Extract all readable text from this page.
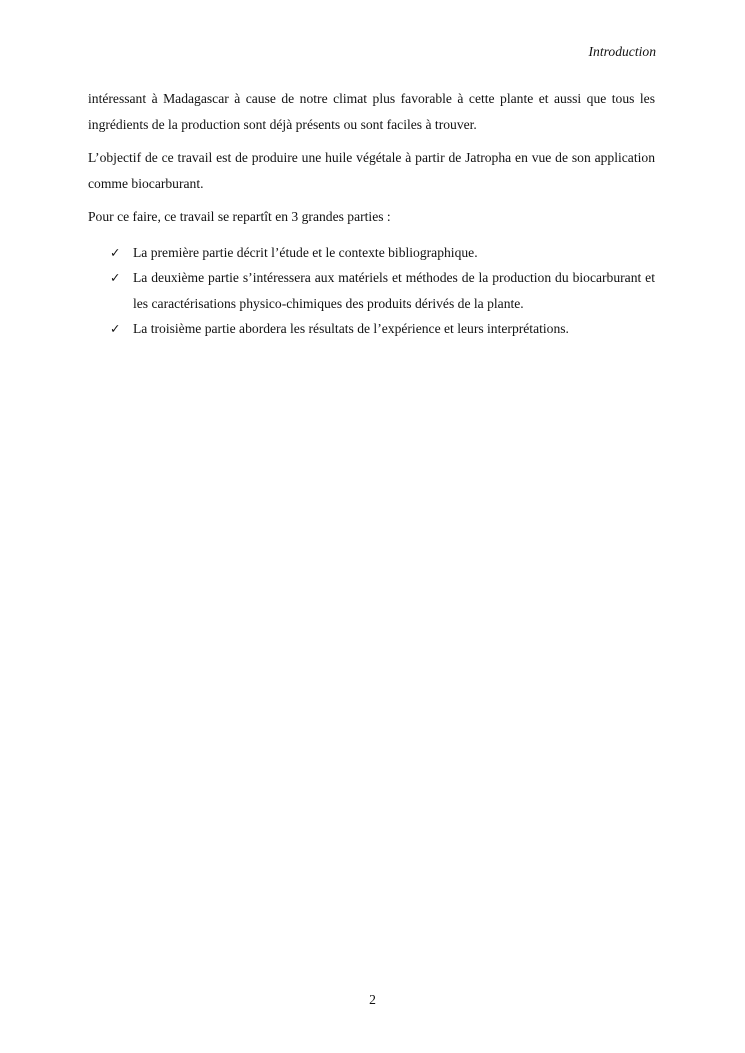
Introduction

intéressant à Madagascar à cause de notre climat plus favorable à cette plante et aussi que tous les ingrédients de la production sont déjà présents ou sont faciles à trouver.

L’objectif de ce travail est de produire une huile végétale à partir de Jatropha en vue de son application comme biocarburant.

Pour ce faire, ce travail se repartît en 3 grandes parties :

✓ La première partie décrit l’étude et le contexte bibliographique.
✓ La deuxième partie s’intéressera aux matériels et méthodes de la production du biocarburant et les caractérisations physico-chimiques des produits dérivés de la plante.
✓ La troisième partie abordera les résultats de l’expérience et leurs interprétations.
2
